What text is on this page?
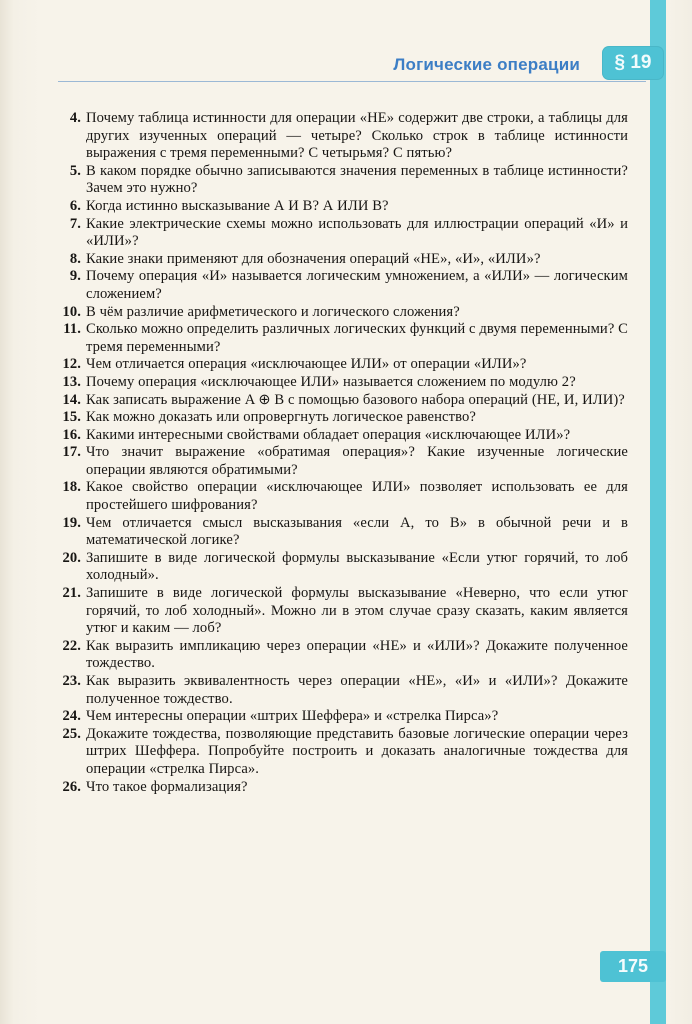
Логические операции	§ 19
4. Почему таблица истинности для операции «НЕ» содержит две строки, а таблицы для других изученных операций — четыре? Сколько строк в таблице истинности выражения с тремя переменными? С четырьмя? С пятью?
5. В каком порядке обычно записываются значения переменных в таблице истинности? Зачем это нужно?
6. Когда истинно высказывание А И В? А ИЛИ В?
7. Какие электрические схемы можно использовать для иллюстрации операций «И» и «ИЛИ»?
8. Какие знаки применяют для обозначения операций «НЕ», «И», «ИЛИ»?
9. Почему операция «И» называется логическим умножением, а «ИЛИ» — логическим сложением?
10. В чём различие арифметического и логического сложения?
11. Сколько можно определить различных логических функций с двумя переменными? С тремя переменными?
12. Чем отличается операция «исключающее ИЛИ» от операции «ИЛИ»?
13. Почему операция «исключающее ИЛИ» называется сложением по модулю 2?
14. Как записать выражение A ⊕ B с помощью базового набора операций (НЕ, И, ИЛИ)?
15. Как можно доказать или опровергнуть логическое равенство?
16. Какими интересными свойствами обладает операция «исключающее ИЛИ»?
17. Что значит выражение «обратимая операция»? Какие изученные логические операции являются обратимыми?
18. Какое свойство операции «исключающее ИЛИ» позволяет использовать ее для простейшего шифрования?
19. Чем отличается смысл высказывания «если А, то В» в обычной речи и в математической логике?
20. Запишите в виде логической формулы высказывание «Если утюг горячий, то лоб холодный».
21. Запишите в виде логической формулы высказывание «Неверно, что если утюг горячий, то лоб холодный». Можно ли в этом случае сразу сказать, каким является утюг и каким — лоб?
22. Как выразить импликацию через операции «НЕ» и «ИЛИ»? Докажите полученное тождество.
23. Как выразить эквивалентность через операции «НЕ», «И» и «ИЛИ»? Докажите полученное тождество.
24. Чем интересны операции «штрих Шеффера» и «стрелка Пирса»?
25. Докажите тождества, позволяющие представить базовые логические операции через штрих Шеффера. Попробуйте построить и доказать аналогичные тождества для операции «стрелка Пирса».
26. Что такое формализация?
175
